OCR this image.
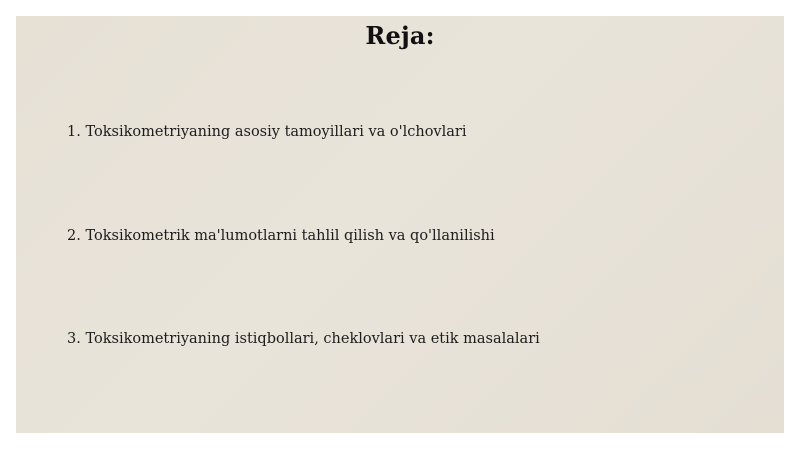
Reja:
1. Toksikometriyaning asosiy tamoyillari va o'lchovlari
2. Toksikometrik ma'lumotlarni tahlil qilish va qo'llanilishi
3. Toksikometriyaning istiqbollari, cheklovlari va etik masalalari
